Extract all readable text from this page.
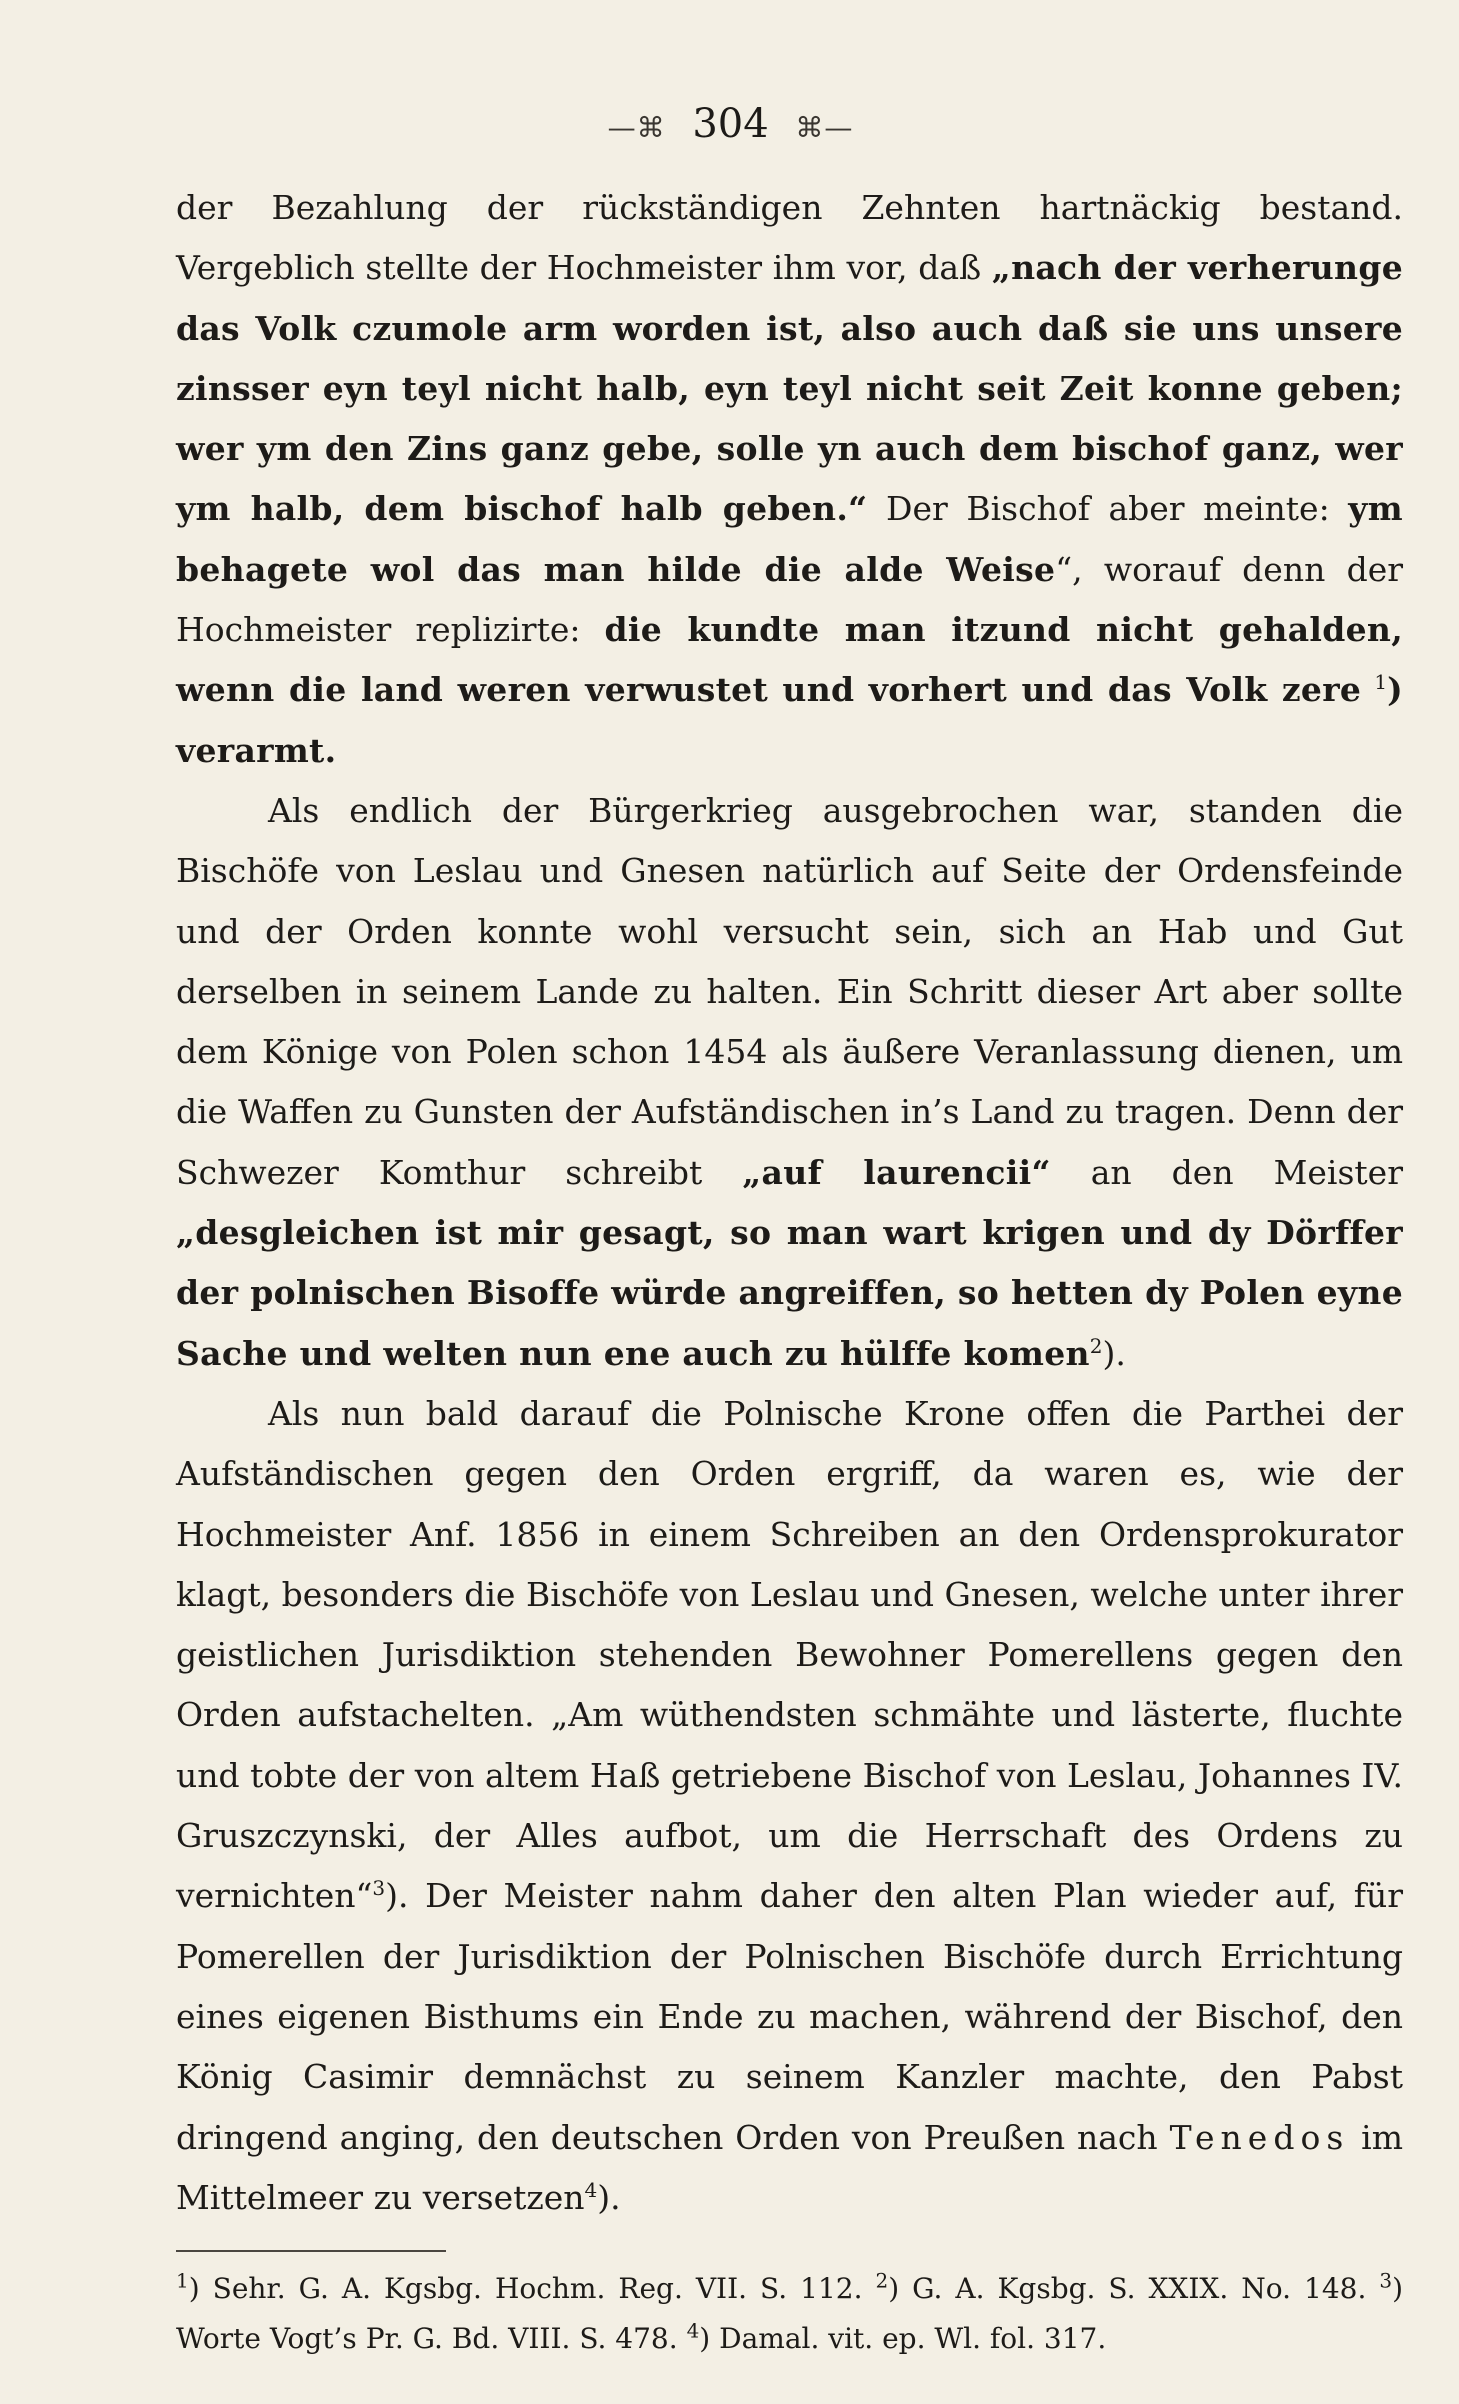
—⌘ 304 ⌘—

der Bezahlung der rückständigen Zehnten hartnäckig bestand. Vergeblich stellte der Hochmeister ihm vor, daß „nach der verherunge das Volk czumole arm worden ist, also auch daß sie uns unsere zinsser eyn teyl nicht halb, eyn teyl nicht seit Zeit konne geben; wer ym den Zins ganz gebe, solle yn auch dem bischof ganz, wer ym halb, dem bischof halb geben.“ Der Bischof aber meinte: ym behagete wol das man hilde die alde Weise“, worauf denn der Hochmeister replizirte: die kundte man itzund nicht gehalden, wenn die land weren verwustet und vorhert und das Volk zere $^1$) verarmt.

Als endlich der Bürgerkrieg ausgebrochen war, standen die Bischöfe von Leslau und Gnesen natürlich auf Seite der Ordensfeinde und der Orden konnte wohl versucht sein, sich an Hab und Gut derselben in seinem Lande zu halten. Ein Schritt dieser Art aber sollte dem Könige von Polen schon 1454 als äußere Veranlassung dienen, um die Waffen zu Gunsten der Aufständischen in’s Land zu tragen. Denn der Schwezer Komthur schreibt „auf laurencii“ an den Meister „desgleichen ist mir gesagt, so man wart krigen und dy Dörffer der polnischen Bisoffe würde angreiffen, so hetten dy Polen eyne Sache und welten nun ene auch zu hülffe komen$^2$).

Als nun bald darauf die Polnische Krone offen die Parthei der Aufständischen gegen den Orden ergriff, da waren es, wie der Hochmeister Anf. 1856 in einem Schreiben an den Ordensprokurator klagt, besonders die Bischöfe von Leslau und Gnesen, welche unter ihrer geistlichen Jurisdiktion stehenden Bewohner Pomerellens gegen den Orden aufstachelten. „Am wüthendsten schmähte und lästerte, fluchte und tobte der von altem Haß getriebene Bischof von Leslau, Johannes IV. Gruszczynski, der Alles aufbot, um die Herrschaft des Ordens zu vernichten“$^3$). Der Meister nahm daher den alten Plan wieder auf, für Pomerellen der Jurisdiktion der Polnischen Bischöfe durch Errichtung eines eigenen Bisthums ein Ende zu machen, während der Bischof, den König Casimir demnächst zu seinem Kanzler machte, den Pabst dringend anging, den deutschen Orden von Preußen nach Tenedos im Mittelmeer zu versetzen$^4$).

$^1$) Sehr. G. A. Kgsbg. Hochm. Reg. VII. S. 112. $^2$) G. A. Kgsbg. S. XXIX. No. 148. $^3$) Worte Vogt’s Pr. G. Bd. VIII. S. 478. $^4$) Damal. vit. ep. Wl. fol. 317.
